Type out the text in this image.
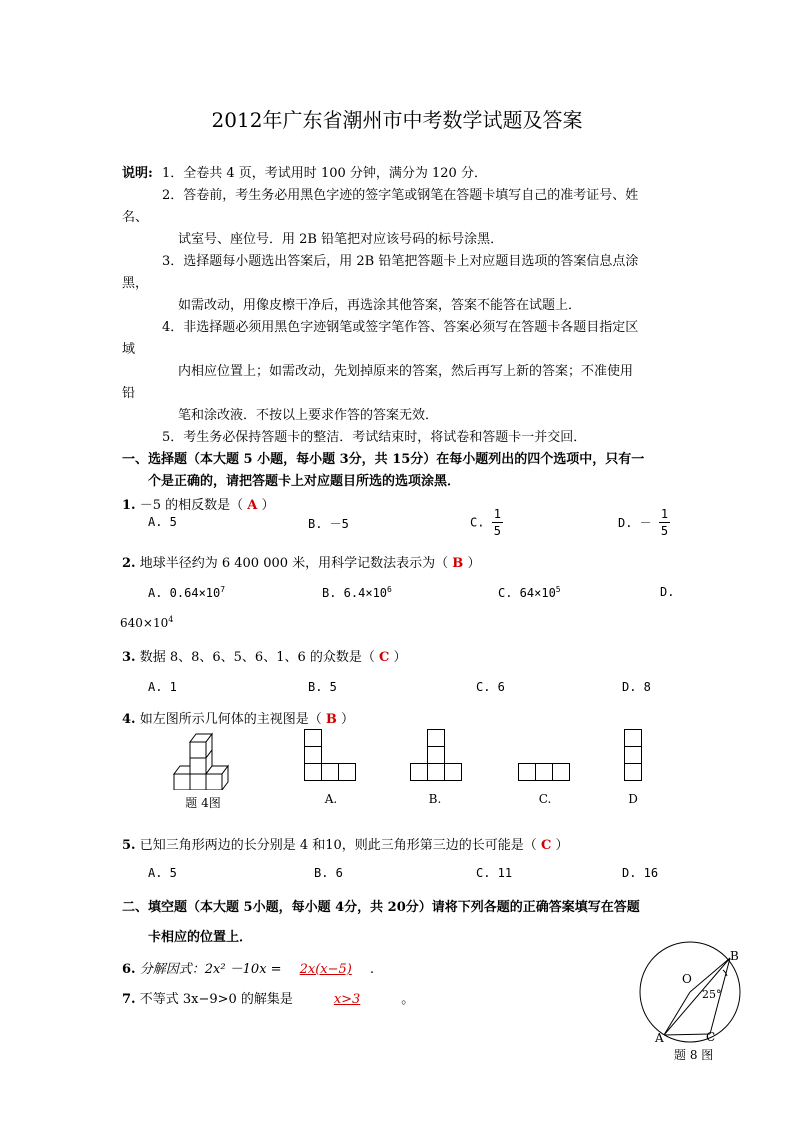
2012年广东省潮州市中考数学试题及答案
说明: 1．全卷共 4 页，考试用时 100 分钟，满分为 120 分．
2．答卷前，考生务必用黑色字迹的签字笔或钢笔在答题卡填写自己的准考证号、姓
名、
试室号、座位号．用 2B 铅笔把对应该号码的标号涂黑．
3．选择题每小题选出答案后，用 2B 铅笔把答题卡上对应题目选项的答案信息点涂
黑，
如需改动，用像皮檫干净后，再选涂其他答案，答案不能答在试题上．
4．非选择题必须用黑色字迹钢笔或签字笔作答、答案必须写在答题卡各题目指定区
域
内相应位置上；如需改动，先划掉原来的答案，然后再写上新的答案；不准使用
铅
笔和涂改液．不按以上要求作答的答案无效．
5．考生务必保持答题卡的整洁．考试结束时，将试卷和答题卡一并交回．
一、选择题（本大题 5 小题，每小题 3分，共 15分）在每小题列出的四个选项中，只有一
个是正确的，请把答题卡上对应题目所选的选项涂黑．
1. －5 的相反数是（ A ）
A. 5	B. －5	C. $\frac{1}{5}$	D. － $\frac{1}{5}$
2. 地球半径约为 6 400 000 米，用科学记数法表示为（ B ）
A. $0.64\times 10^7$	B. $6.4\times 10^6$	C. $64\times 10^5$	D.
$640\times 10^4$
3. 数据 8、8、6、5、6、1、6 的众数是（ C ）
A. 1	B. 5	C. 6	D. 8
4. 如左图所示几何体的主视图是（ B ）
题 4图	A.	B.	C.	D
5. 已知三角形两边的长分别是 4 和10，则此三角形第三边的长可能是（ C ）
A. 5	B. 6	C. 11	D. 16
二、填空题（本大题 5小题，每小题 4分，共 20分）请将下列各题的正确答案填写在答题
卡相应的位置上．
6. 分解因式：2x² －10x = 2x(x−5) .
7. 不等式 3x−9>0 的解集是	x>3	。
O
A
B
C
25°
题 8 图
